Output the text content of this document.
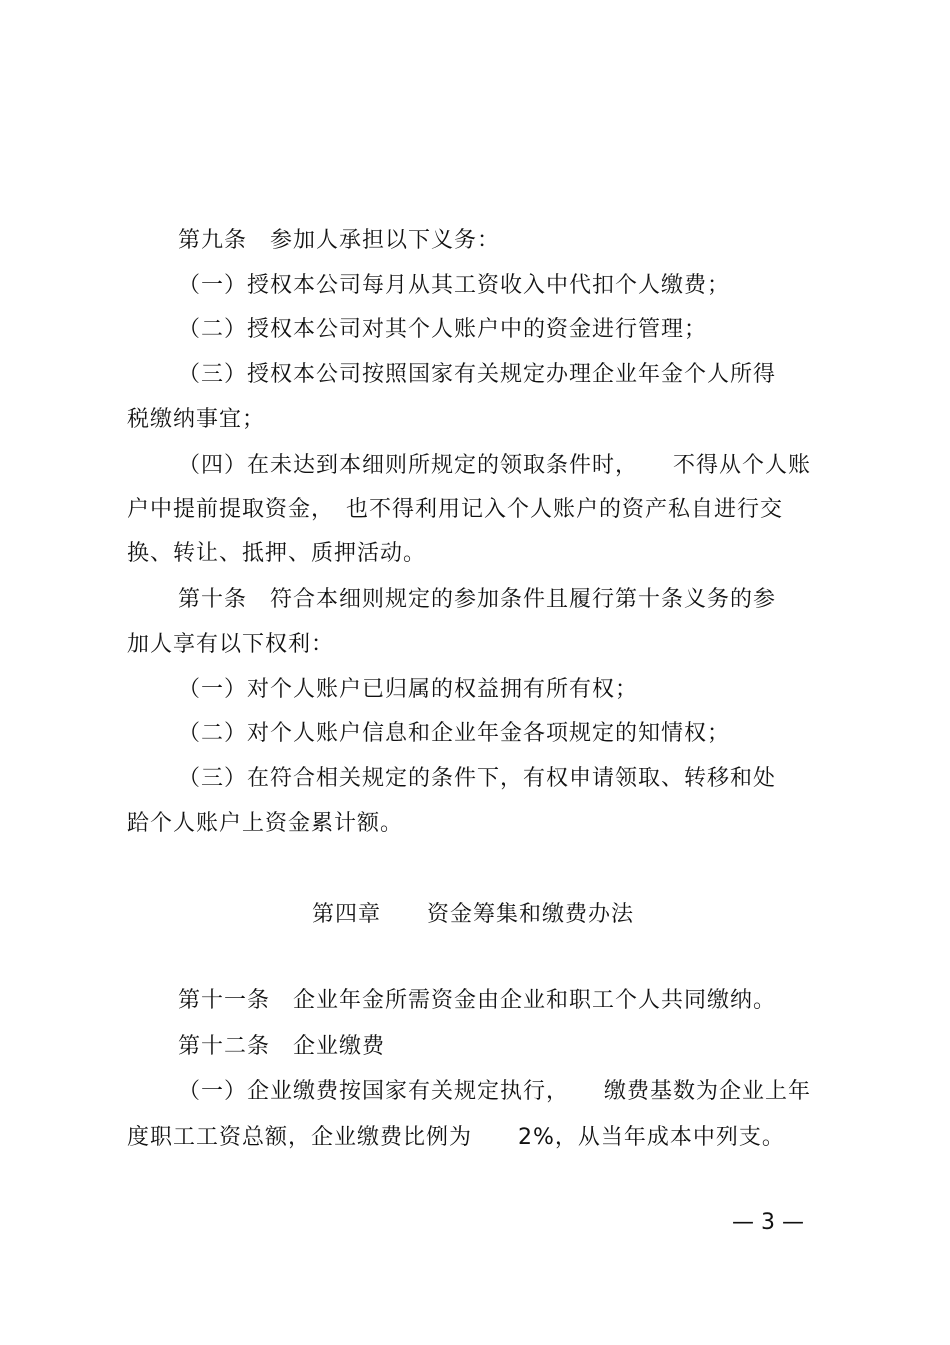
第九条　参加人承担以下义务：
（一）授权本公司每月从其工资收入中代扣个人缴费；
（二）授权本公司对其个人账户中的资金进行管理；
（三）授权本公司按照国家有关规定办理企业年金个人所得
税缴纳事宜；
（四）在未达到本细则所规定的领取条件时，　　不得从个人账
户中提前提取资金，　也不得利用记入个人账户的资产私自进行交
换、转让、抵押、质押活动。
第十条　符合本细则规定的参加条件且履行第十条义务的参
加人享有以下权利：
（一）对个人账户已归属的权益拥有所有权；
（二）对个人账户信息和企业年金各项规定的知情权；
（三）在符合相关规定的条件下，有权申请领取、转移和处
跲个人账户上资金累计额。
第四章　　资金筹集和缴费办法
第十一条　企业年金所需资金由企业和职工个人共同缴纳。
第十二条　企业缴费
（一）企业缴费按国家有关规定执行，　　缴费基数为企业上年
度职工工资总额，企业缴费比例为　　2%，从当年成本中列支。
— 3 —
